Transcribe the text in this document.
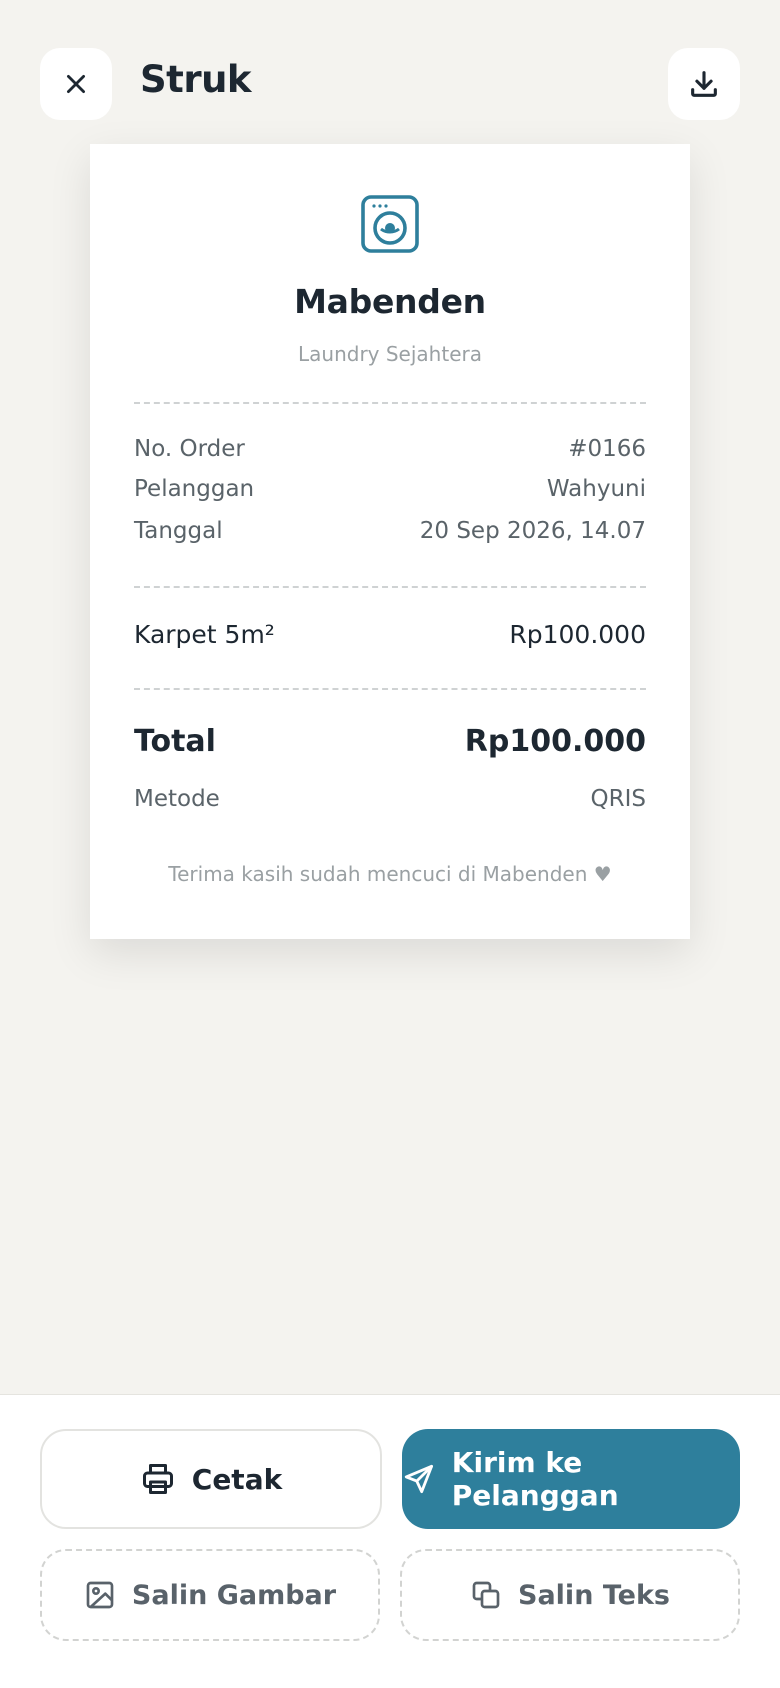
Struk
Mabenden
Laundry Sejahtera
No. Order	#0166
Pelanggan	Wahyuni
Tanggal	20 Sep 2026, 14.07
Karpet 5m²	Rp100.000
Total	Rp100.000
Metode	QRIS
Terima kasih sudah mencuci di Mabenden ♥
Cetak	Kirim ke Pelanggan
Salin Gambar	Salin Teks
